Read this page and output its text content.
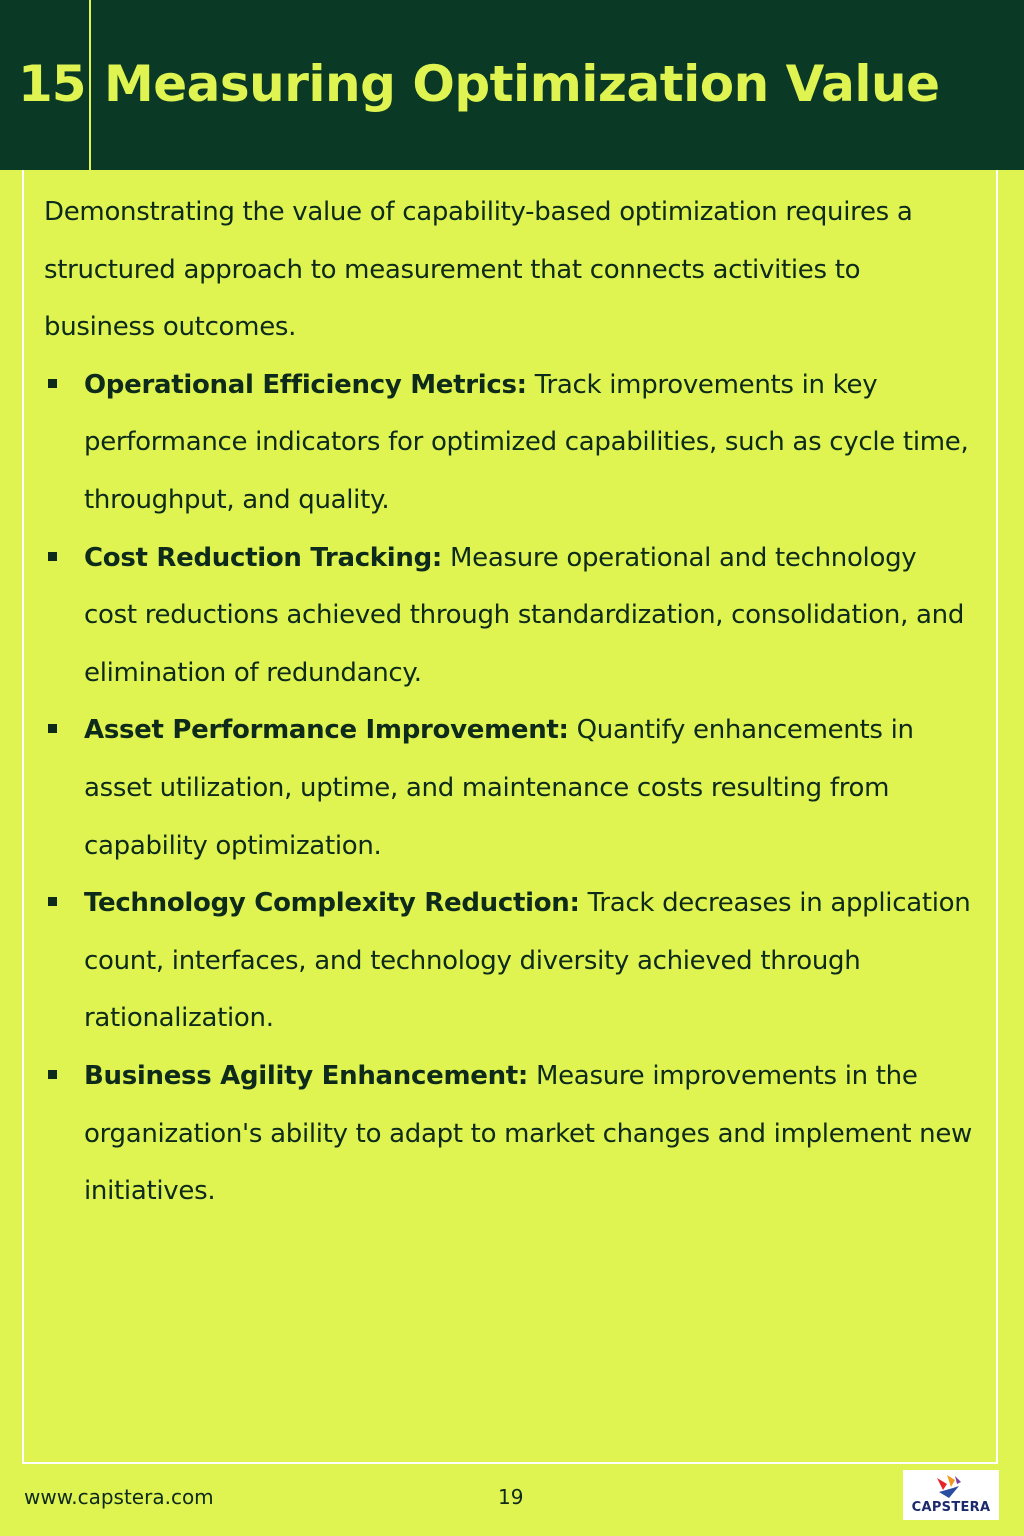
15 Measuring Optimization Value

Demonstrating the value of capability-based optimization requires a structured approach to measurement that connects activities to business outcomes.

Operational Efficiency Metrics: Track improvements in key performance indicators for optimized capabilities, such as cycle time, throughput, and quality.
Cost Reduction Tracking: Measure operational and technology cost reductions achieved through standardization, consolidation, and elimination of redundancy.
Asset Performance Improvement: Quantify enhancements in asset utilization, uptime, and maintenance costs resulting from capability optimization.
Technology Complexity Reduction: Track decreases in application count, interfaces, and technology diversity achieved through rationalization.
Business Agility Enhancement: Measure improvements in the organization's ability to adapt to market changes and implement new initiatives.
www.capstera.com	19	CAPSTERA
